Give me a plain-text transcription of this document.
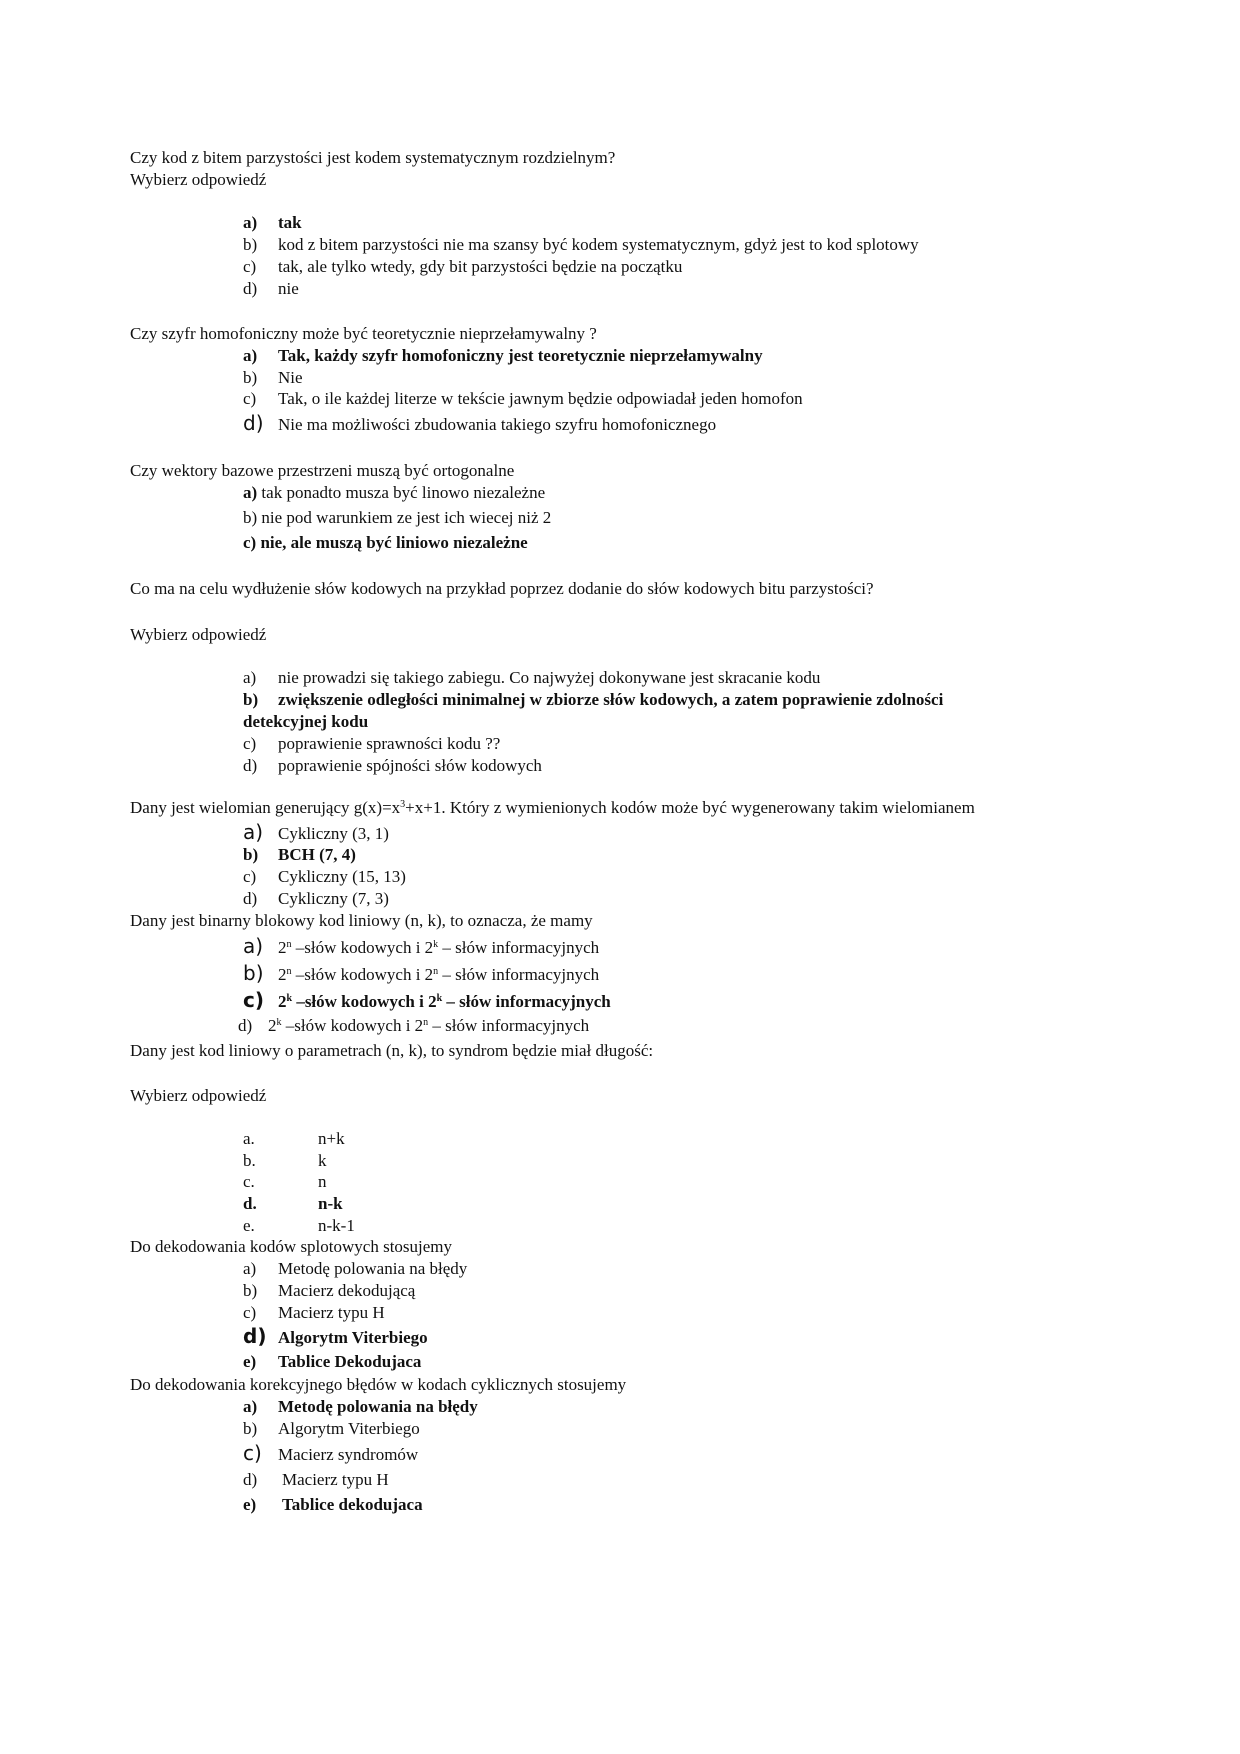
Czy kod z bitem parzystości jest kodem systematycznym rozdzielnym?
Wybierz odpowiedź
a) tak
b) kod z bitem parzystości nie ma szansy być kodem systematycznym, gdyż jest to kod splotowy
c) tak, ale tylko wtedy, gdy bit parzystości będzie na początku
d) nie
Czy szyfr homofoniczny może być teoretycznie nieprzełamywalny ?
a) Tak, każdy szyfr homofoniczny jest teoretycznie nieprzełamywalny
b) Nie
c) Tak, o ile każdej literze w tekście jawnym będzie odpowiadał jeden homofon
d) Nie ma możliwości zbudowania takiego szyfru homofonicznego
Czy wektory bazowe przestrzeni muszą być ortogonalne
a) tak ponadto musza być linowo niezależne
b) nie pod warunkiem ze jest ich wiecej niż 2
c) nie, ale muszą być liniowo niezależne
Co ma na celu wydłużenie słów kodowych na przykład poprzez dodanie do słów kodowych bitu parzystości?
Wybierz odpowiedź
a) nie prowadzi się takiego zabiegu. Co najwyżej dokonywane jest skracanie kodu
b) zwiększenie odległości minimalnej w zbiorze słów kodowych, a zatem poprawienie zdolności
detekcyjnej kodu
c) poprawienie sprawności kodu ??
d) poprawienie spójności słów kodowych
Dany jest wielomian generujący $g(x)=x^3+x+1$. Który z wymienionych kodów może być wygenerowany takim wielomianem
a) Cykliczny (3, 1)
b) BCH (7, 4)
c) Cykliczny (15, 13)
d) Cykliczny (7, 3)
Dany jest binarny blokowy kod liniowy (n, k), to oznacza, że mamy
a) 2$^n$ –słów kodowych i 2$^k$ – słów informacyjnych
b) 2$^n$ –słów kodowych i 2$^n$ – słów informacyjnych
c) 2$^k$ –słów kodowych i 2$^k$ – słów informacyjnych
d) 2$^k$ –słów kodowych i 2$^n$ – słów informacyjnych
Dany jest kod liniowy o parametrach (n, k), to syndrom będzie miał długość:
Wybierz odpowiedź
a.	n+k
b.	k
c.	n
d.	n-k
e.	n-k-1
Do dekodowania kodów splotowych stosujemy
a) Metodę polowania na błędy
b) Macierz dekodującą
c) Macierz typu H
d) Algorytm Viterbiego
e) Tablice Dekodujaca
Do dekodowania korekcyjnego błędów w kodach cyklicznych stosujemy
a) Metodę polowania na błędy
b) Algorytm Viterbiego
c) Macierz syndromów
d) Macierz typu H
e) Tablice dekodujaca
